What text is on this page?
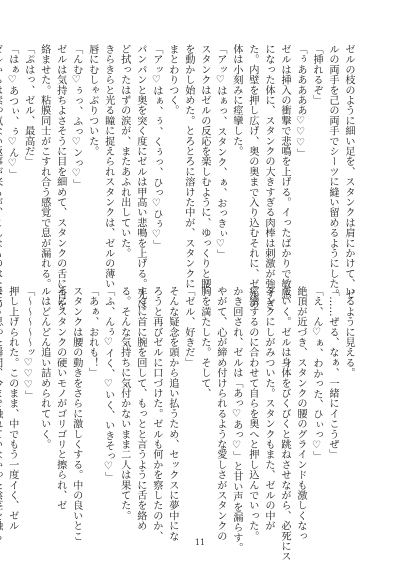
ゼルの枝のように細い足を、スタンクは肩にかけて、ゼ
ルの両手を己の両手でシーツに縫い留めるようにした。
「挿れるぞ」
「ぅあああああ♡♡♡」
ゼルは挿入の衝撃で悲鳴を上げる。イったばかりで敏感
になった体に、スタンクの大きすぎる肉棒は刺激が強すぎ
た。内壁を押し広げ、奥の奥まで入り込むそれに、ゼルの
体は小刻みに痙攣した。
「アッ♡はぁっ、スタンク、ぁ、おっきぃ♡」
スタンクはゼルの反応を楽しむように、ゆっくりと腰
を動かし始めた。とろとろに溶けた中が、スタンクに
まとわりつく。
「アッ♡はぁ、ぅ、くぅっ、ひっ♡ひぅ♡」
パンパンと奥を突く度にゼルは甲高い悲鳴を上げる。先ほ
ど拭ったはずの涙が、またあふれ出していた。
きらきらと光る瞳に捉えられスタンクは、ゼルの薄い
唇にむしゃぶりついた。
「んむ♡ぅっ、ふっ♡ンっ♡」
ゼルは気持ちよさそうに目を細めて、スタンクの舌に舌を
絡ませた。粘膜同士がこすれ合う感覚で息が漏れる。
「ぷはっ、ゼル、最高だ」
「はぁ♡あつぃ、ぅ♡ん♡」

いるように見える。
「……ぜる、なぁ、一緒にイこうぜ」
「え、ん♡ぁ、わかった、ひぃっ♡」
絶頂が近づき、スタンクの腰のグラインドも激しくなっ
ていく。ゼルは身体をびくびくと跳ねさせながら、必死にス
タンクにしがみついた。スタンクもまた、ゼルの中が
痙攣するのに合わせて自らを奥へと押し込んでいった。
かき回され、ゼルは「あっ♡あっ♡」と甘い声を漏らす。
やがて、心が締め付けられるような愛しさがスタンクの
胸を満たした。そして、
「ゼル、好きだ」
そんな疑念を頭から追い払うため、セックスに夢中にな
ろうと再びゼルに口づけた。ゼルも何かを察したのか、
すぐに首に腕を回して、もっとと言うように舌を絡め
る。そんな気持ちに気付かないまま二人は果てた。
「ふ、んぅ♡イく、♡いく、いきそっ♡」
「あぁ、おれも！」
スタンクは腰の動きをさらに激しくする。中の良いとこ
ろにスタンクの硬いモノがゴリゴリと擦られ、ゼ
ルはどんどん追い詰められていく。
「〜〜〜〜〜ッ♡♡♡」
押し上げられた。このまま、中でもう一度イく、ゼル

11
